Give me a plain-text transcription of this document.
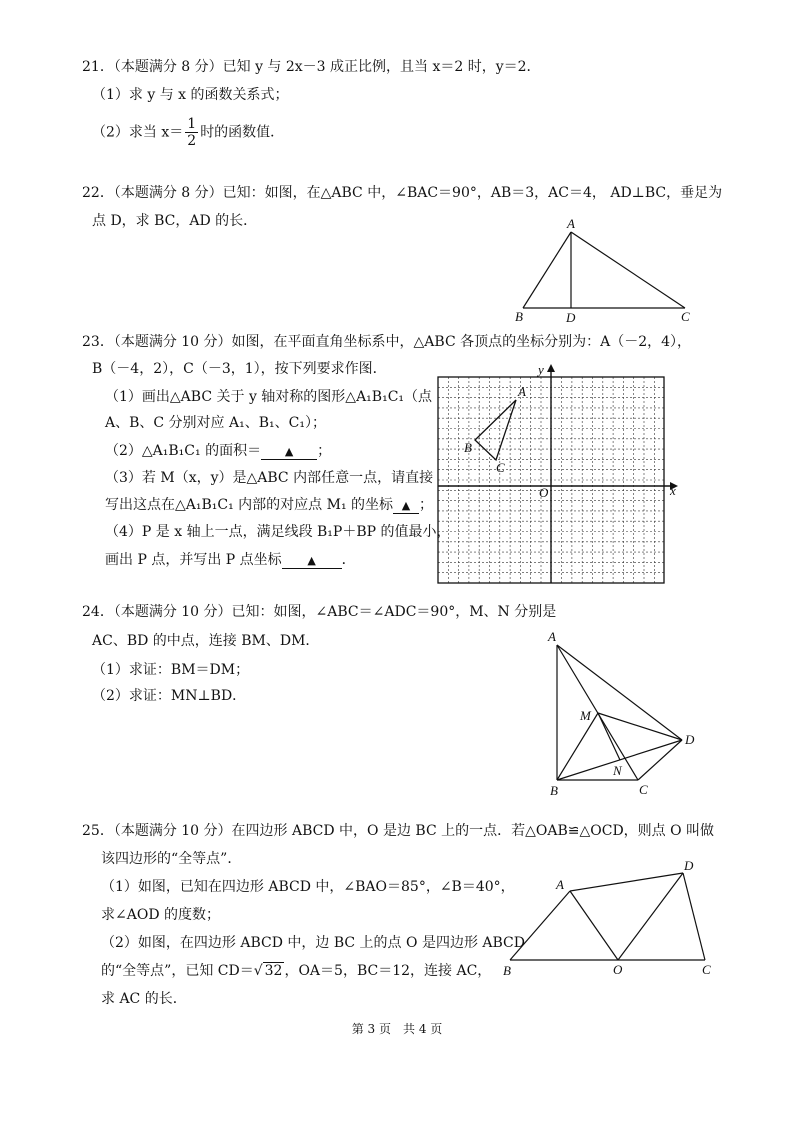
21．（本题满分 8 分）已知 y 与 2x－3 成正比例，且当 x＝2 时，y＝2．
（1）求 y 与 x 的函数关系式；
（2）求当 $x= \frac{1}{2}$ 时的函数值．
22．（本题满分 8 分）已知：如图，在△ABC 中，∠BAC＝90°，AB＝3，AC＝4， AD⊥BC，垂足为
点 D，求 BC，AD 的长．	A
B	D	C
23．（本题满分 10 分）如图，在平面直角坐标系中，△ABC 各顶点的坐标分别为：A（－2，4），
B（－4，2），C（－3，1），按下列要求作图．
（1）画出△ABC 关于 y 轴对称的图形△A₁B₁C₁（点
A、B、C 分别对应 A₁、B₁、C₁）；
（2）△A₁B₁C₁ 的面积＝ ▲ ；
（3）若 M（x，y）是△ABC 内部任意一点，请直接
写出这点在△A₁B₁C₁ 内部的对应点 M₁ 的坐标 ▲ ；
（4）P 是 x 轴上一点，满足线段 B₁P＋BP 的值最小，
画出 P 点，并写出 P 点坐标 ▲ ．
A
B
C
O	x
y
24．（本题满分 10 分）已知：如图，∠ABC＝∠ADC＝90°，M、N 分别是
AC、BD 的中点，连接 BM、DM．
（1）求证：BM＝DM；
（2）求证：MN⊥BD．
A
M
D
N
B	C
25．（本题满分 10 分）在四边形 ABCD 中，O 是边 BC 上的一点．若△OAB≌△OCD，则点 O 叫做
该四边形的“全等点”．
（1）如图，已知在四边形 ABCD 中，∠BAO＝85°，∠B＝40°，
求∠AOD 的度数；
（2）如图，在四边形 ABCD 中，边 BC 上的点 O 是四边形 ABCD
的“全等点”，已知 CD＝√ 32 ，OA＝5，BC＝12，连接 AC，
求 AC 的长．
A
D
B	O	C
第 3 页　共 4 页
